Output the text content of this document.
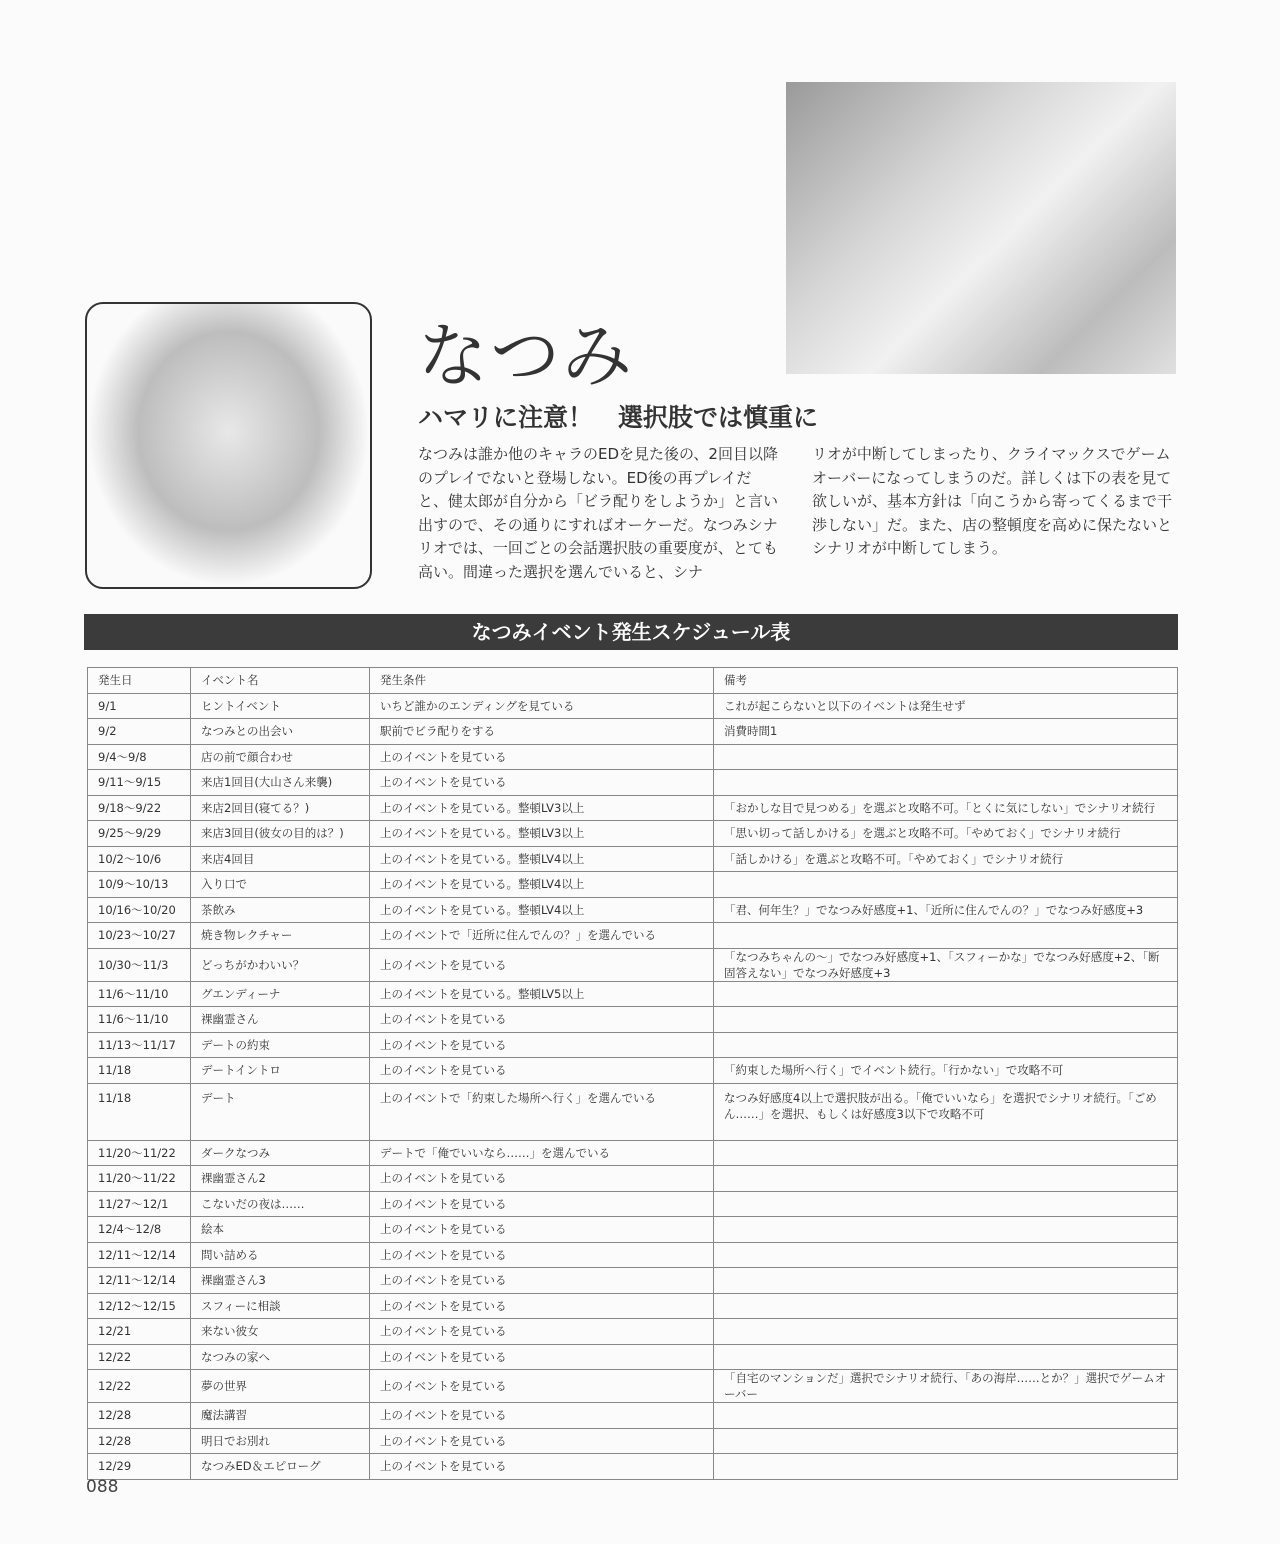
なつみ
ハマリに注意！　選択肢では慎重に
なつみは誰か他のキャラのEDを見た後の、2回目以降のプレイでないと登場しない。ED後の再プレイだと、健太郎が自分から「ビラ配りをしようか」と言い出すので、その通りにすればオーケーだ。なつみシナリオでは、一回ごとの会話選択肢の重要度が、とても高い。間違った選択を選んでいると、シナ
リオが中断してしまったり、クライマックスでゲームオーバーになってしまうのだ。詳しくは下の表を見て欲しいが、基本方針は「向こうから寄ってくるまで干渉しない」だ。また、店の整頓度を高めに保たないとシナリオが中断してしまう。
なつみイベント発生スケジュール表
発生日	イベント名	発生条件	備考
9/1	ヒントイベント	いちど誰かのエンディングを見ている	これが起こらないと以下のイベントは発生せず
9/2	なつみとの出会い	駅前でビラ配りをする	消費時間1
9/4〜9/8	店の前で顔合わせ	上のイベントを見ている	
9/11〜9/15	来店1回目(大山さん来襲)	上のイベントを見ている	
9/18〜9/22	来店2回目(寝てる？)	上のイベントを見ている。整頓LV3以上	「おかしな目で見つめる」を選ぶと攻略不可。「とくに気にしない」でシナリオ続行
9/25〜9/29	来店3回目(彼女の目的は？)	上のイベントを見ている。整頓LV3以上	「思い切って話しかける」を選ぶと攻略不可。「やめておく」でシナリオ続行
10/2〜10/6	来店4回目	上のイベントを見ている。整頓LV4以上	「話しかける」を選ぶと攻略不可。「やめておく」でシナリオ続行
10/9〜10/13	入り口で	上のイベントを見ている。整頓LV4以上	
10/16〜10/20	茶飲み	上のイベントを見ている。整頓LV4以上	「君、何年生？」でなつみ好感度+1、「近所に住んでんの？」でなつみ好感度+3
10/23〜10/27	焼き物レクチャー	上のイベントで「近所に住んでんの？」を選んでいる	
10/30〜11/3	どっちがかわいい？	上のイベントを見ている	「なつみちゃんの〜」でなつみ好感度+1、「スフィーかな」でなつみ好感度+2、「断固答えない」でなつみ好感度+3
11/6〜11/10	グエンディーナ	上のイベントを見ている。整頓LV5以上	
11/6〜11/10	裸幽霊さん	上のイベントを見ている	
11/13〜11/17	デートの約束	上のイベントを見ている	
11/18	デートイントロ	上のイベントを見ている	「約束した場所へ行く」でイベント続行。「行かない」で攻略不可
11/18	デート	上のイベントで「約束した場所へ行く」を選んでいる	なつみ好感度4以上で選択肢が出る。「俺でいいなら」を選択でシナリオ続行。「ごめん……」を選択、もしくは好感度3以下で攻略不可
11/20〜11/22	ダークなつみ	デートで「俺でいいなら……」を選んでいる	
11/20〜11/22	裸幽霊さん2	上のイベントを見ている	
11/27〜12/1	こないだの夜は……	上のイベントを見ている	
12/4〜12/8	絵本	上のイベントを見ている	
12/11〜12/14	問い詰める	上のイベントを見ている	
12/11〜12/14	裸幽霊さん3	上のイベントを見ている	
12/12〜12/15	スフィーに相談	上のイベントを見ている	
12/21	来ない彼女	上のイベントを見ている	
12/22	なつみの家へ	上のイベントを見ている	
12/22	夢の世界	上のイベントを見ている	「自宅のマンションだ」選択でシナリオ続行、「あの海岸……とか？」選択でゲームオーバー
12/28	魔法講習	上のイベントを見ている	
12/28	明日でお別れ	上のイベントを見ている	
12/29	なつみED＆エピローグ	上のイベントを見ている	
088
